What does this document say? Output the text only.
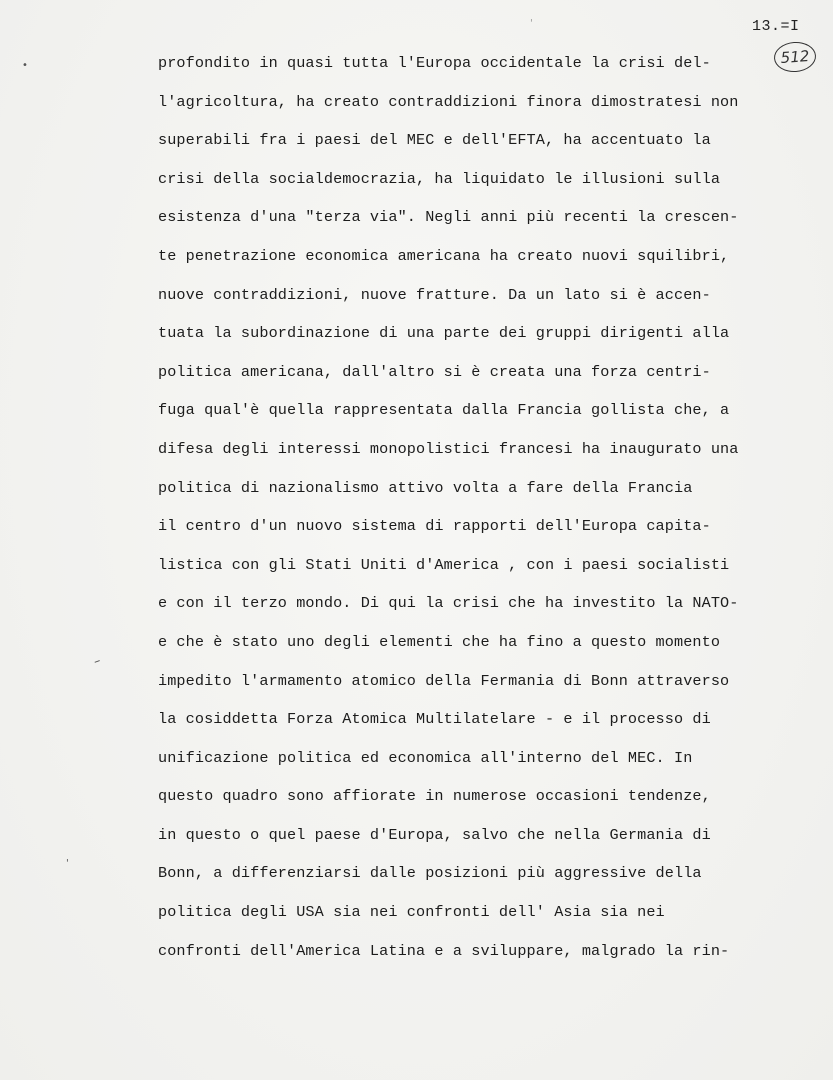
13.=I
512
•
–
'
'
profondito in quasi tutta l'Europa occidentale la crisi del-
l'agricoltura, ha creato contraddizioni finora dimostratesi non
superabili fra i paesi del MEC e dell'EFTA, ha accentuato la
crisi della socialdemocrazia, ha liquidato le illusioni sulla
esistenza d'una "terza via". Negli anni più recenti la crescen-
te penetrazione economica americana ha creato nuovi squilibri,
nuove contraddizioni, nuove fratture. Da un lato si è accen-
tuata la subordinazione di una parte dei gruppi dirigenti alla
politica americana, dall'altro si è creata una forza centri-
fuga qual'è quella rappresentata dalla Francia gollista che, a
difesa degli interessi monopolistici francesi ha inaugurato una
politica di nazionalismo attivo volta a fare della Francia
il centro d'un nuovo sistema di rapporti dell'Europa capita-
listica con gli Stati Uniti d'America , con i paesi socialisti
e con il terzo mondo. Di qui la crisi che ha investito la NATO-
e che è stato uno degli elementi che ha fino a questo momento
impedito l'armamento atomico della Fermania di Bonn attraverso
la cosiddetta Forza Atomica Multilatelare - e il processo di
unificazione politica ed economica all'interno del MEC. In
questo quadro sono affiorate in numerose occasioni tendenze,
in questo o quel paese d'Europa, salvo che nella Germania di
Bonn, a differenziarsi dalle posizioni più aggressive della
politica degli USA sia nei confronti dell' Asia sia nei
confronti dell'America Latina e a sviluppare, malgrado la rin-
